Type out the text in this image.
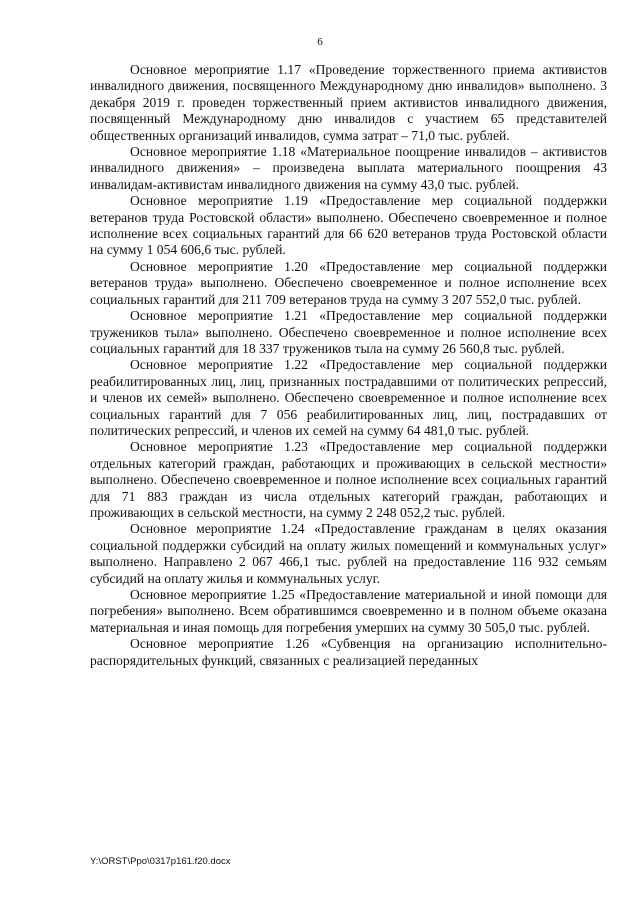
6

Основное мероприятие 1.17 «Проведение торжественного приема активистов инвалидного движения, посвященного Международному дню инвалидов» выполнено. 3 декабря 2019 г. проведен торжественный прием активистов инвалидного движения, посвященный Международному дню инвалидов с участием 65 представителей общественных организаций инвалидов, сумма затрат – 71,0 тыс. рублей.

Основное мероприятие 1.18 «Материальное поощрение инвалидов – активистов инвалидного движения» – произведена выплата материального поощрения 43 инвалидам-активистам инвалидного движения на сумму 43,0 тыс. рублей.

Основное мероприятие 1.19 «Предоставление мер социальной поддержки ветеранов труда Ростовской области» выполнено. Обеспечено своевременное и полное исполнение всех социальных гарантий для 66 620 ветеранов труда Ростовской области на сумму 1 054 606,6 тыс. рублей.

Основное мероприятие 1.20 «Предоставление мер социальной поддержки ветеранов труда» выполнено. Обеспечено своевременное и полное исполнение всех социальных гарантий для 211 709 ветеранов труда на сумму 3 207 552,0 тыс. рублей.

Основное мероприятие 1.21 «Предоставление мер социальной поддержки тружеников тыла» выполнено. Обеспечено своевременное и полное исполнение всех социальных гарантий для 18 337 тружеников тыла на сумму 26 560,8 тыс. рублей.

Основное мероприятие 1.22 «Предоставление мер социальной поддержки реабилитированных лиц, лиц, признанных пострадавшими от политических репрессий, и членов их семей» выполнено. Обеспечено своевременное и полное исполнение всех социальных гарантий для 7 056 реабилитированных лиц, лиц, пострадавших от политических репрессий, и членов их семей на сумму 64 481,0 тыс. рублей.

Основное мероприятие 1.23 «Предоставление мер социальной поддержки отдельных категорий граждан, работающих и проживающих в сельской местности» выполнено. Обеспечено своевременное и полное исполнение всех социальных гарантий для 71 883 граждан из числа отдельных категорий граждан, работающих и проживающих в сельской местности, на сумму 2 248 052,2 тыс. рублей.

Основное мероприятие 1.24 «Предоставление гражданам в целях оказания социальной поддержки субсидий на оплату жилых помещений и коммунальных услуг» выполнено. Направлено 2 067 466,1 тыс. рублей на предоставление 116 932 семьям субсидий на оплату жилья и коммунальных услуг.

Основное мероприятие 1.25 «Предоставление материальной и иной помощи для погребения» выполнено. Всем обратившимся своевременно и в полном объеме оказана материальная и иная помощь для погребения умерших на сумму 30 505,0 тыс. рублей.

Основное мероприятие 1.26 «Субвенция на организацию исполнительно-распорядительных функций, связанных с реализацией переданных

Y:\ORST\Ppo\0317p161.f20.docx
